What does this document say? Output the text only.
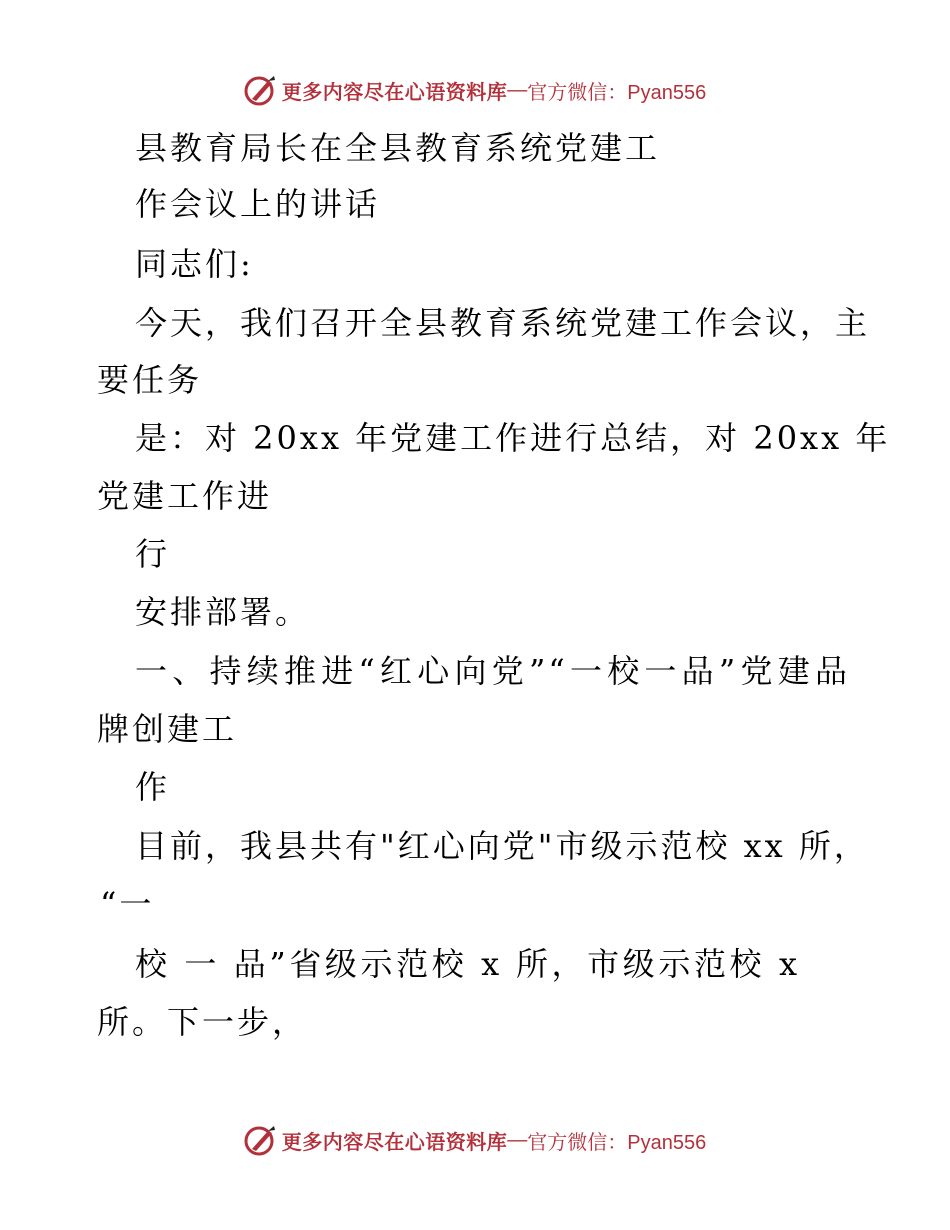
更多内容尽在心语资料库 — 官方微信：Pyan556
县教育局长在全县教育系统党建工
作会议上的讲话
同志们:
今天，我们召开全县教育系统党建工作会议，主
要任务
是：对 20xx 年党建工作进行总结，对 20xx 年
党建工作进
行
安排部署。
一、持续推进“红心向党”“一校一品”党建品
牌创建工
作
目前，我县共有"红心向党"市级示范校 xx 所，
“一
校 一 品”省级示范校 x 所，市级示范校 x
所。下一步，
更多内容尽在心语资料库 — 官方微信：Pyan556
